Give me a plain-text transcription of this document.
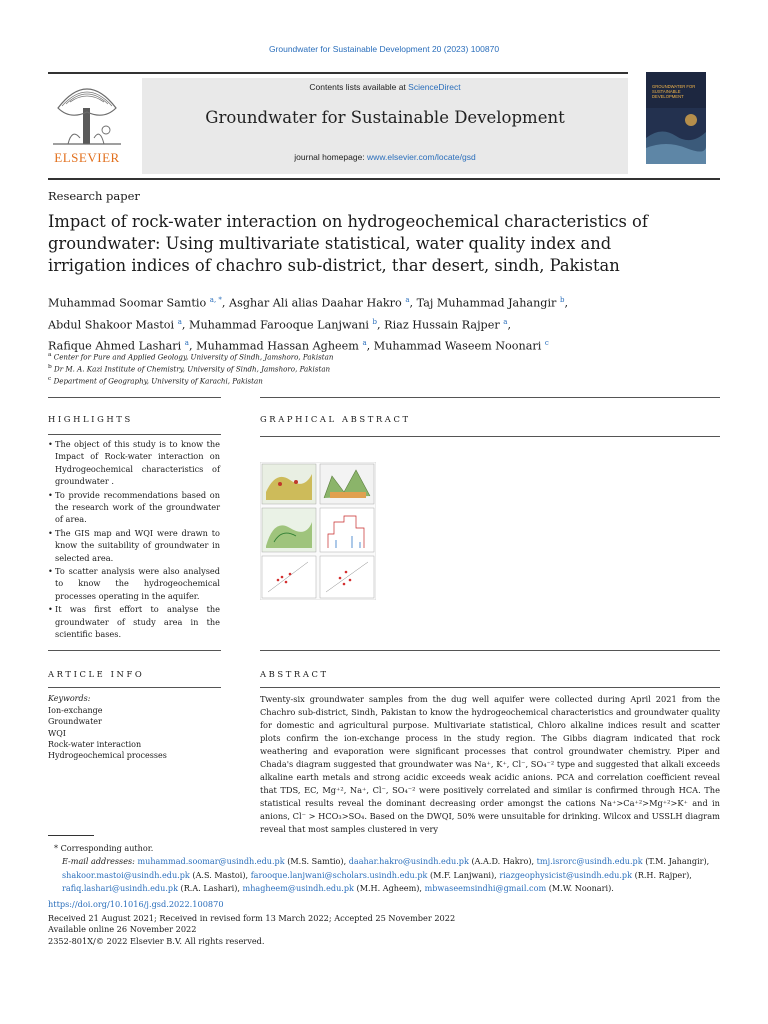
Groundwater for Sustainable Development 20 (2023) 100870
ELSEVIER
Contents lists available at ScienceDirect
Groundwater for Sustainable Development
journal homepage: www.elsevier.com/locate/gsd
GROUNDWATER FOR SUSTAINABLE DEVELOPMENT
Research paper
Impact of rock-water interaction on hydrogeochemical characteristics of groundwater: Using multivariate statistical, water quality index and irrigation indices of chachro sub-district, thar desert, sindh, Pakistan
Muhammad Soomar Samtio $^{a, *}$, Asghar Ali alias Daahar Hakro $^a$, Taj Muhammad Jahangir $^b$,
Abdul Shakoor Mastoi $^a$, Muhammad Farooque Lanjwani $^b$, Riaz Hussain Rajper $^a$,
Rafique Ahmed Lashari $^a$, Muhammad Hassan Agheem $^a$, Muhammad Waseem Noonari $^c$
$^a$ Center for Pure and Applied Geology, University of Sindh, Jamshoro, Pakistan
$^b$ Dr M. A. Kazi Institute of Chemistry, University of Sindh, Jamshoro, Pakistan
$^c$ Department of Geography, University of Karachi, Pakistan
HIGHLIGHTS
• The object of this study is to know the Impact of Rock-water interaction on Hydrogeochemical characteristics of groundwater .
• To provide recommendations based on the research work of the groundwater of area.
• The GIS map and WQI were drawn to know the suitability of groundwater in selected area.
• To scatter analysis were also analysed to know the hydrogeochemical processes operating in the aquifer.
• It was first effort to analyse the groundwater of study area in the scientific bases.
GRAPHICAL ABSTRACT
ARTICLE INFO
Keywords:
Ion-exchange
Groundwater
WQI
Rock-water interaction
Hydrogeochemical processes
ABSTRACT
Twenty-six groundwater samples from the dug well aquifer were collected during April 2021 from the Chachro sub-district, Sindh, Pakistan to know the hydrogeochemical characteristics and groundwater quality for domestic and agricultural purpose. Multivariate statistical, Chloro alkaline indices result and scatter plots confirm the ion-exchange process in the study region. The Gibbs diagram indicated that rock weathering and evaporation were significant processes that control groundwater chemistry. Piper and Chada's diagram suggested that groundwater was Na⁺, K⁺, Cl⁻, SO₄⁻² type and suggested that alkali exceeds alkaline earth metals and strong acidic exceeds weak acidic anions. PCA and correlation coefficient reveal that TDS, EC, Mg⁺², Na⁺, Cl⁻, SO₄⁻² were positively correlated and similar is confirmed through HCA. The statistical results reveal the dominant decreasing order amongst the cations Na⁺>Ca⁺²>Mg⁺²>K⁺ and in anions, Cl⁻ > HCO₃>SO₄. Based on the DWQI, 50% were unsuitable for drinking. Wilcox and USSLH diagram reveal that most samples clustered in very
* Corresponding author.
E-mail addresses: muhammad.soomar@usindh.edu.pk (M.S. Samtio), daahar.hakro@usindh.edu.pk (A.A.D. Hakro), tmj.isrorc@usindh.edu.pk (T.M. Jahangir), shakoor.mastoi@usindh.edu.pk (A.S. Mastoi), farooque.lanjwani@scholars.usindh.edu.pk (M.F. Lanjwani), riazgeophysicist@usindh.edu.pk (R.H. Rajper), rafiq.lashari@usindh.edu.pk (R.A. Lashari), mhagheem@usindh.edu.pk (M.H. Agheem), mbwaseemsindhi@gmail.com (M.W. Noonari).
https://doi.org/10.1016/j.gsd.2022.100870
Received 21 August 2021; Received in revised form 13 March 2022; Accepted 25 November 2022
Available online 26 November 2022
2352-801X/© 2022 Elsevier B.V. All rights reserved.
